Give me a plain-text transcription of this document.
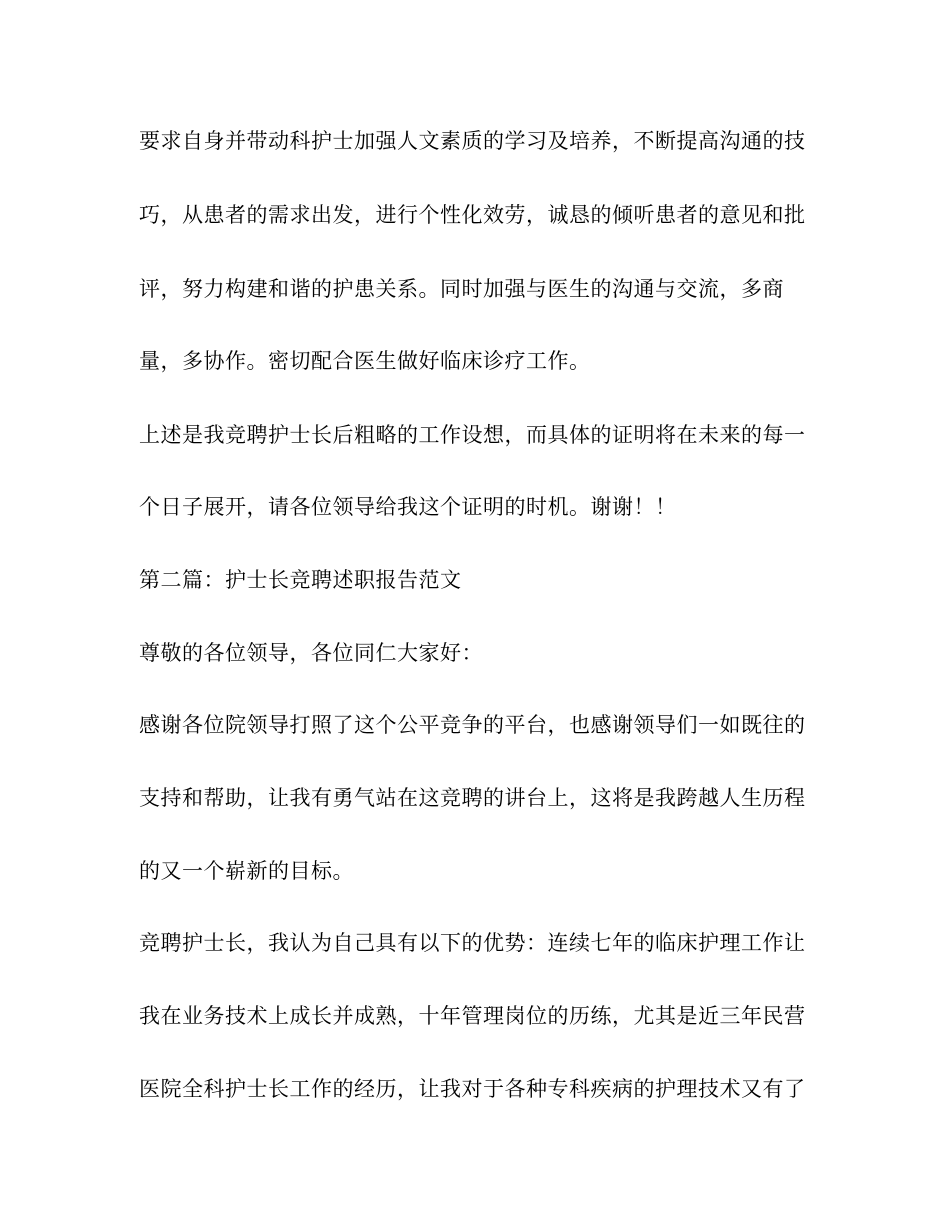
要求自身并带动科护士加强人文素质的学习及培养，不断提高沟通的技
巧，从患者的需求出发，进行个性化效劳，诚恳的倾听患者的意见和批
评，努力构建和谐的护患关系。同时加强与医生的沟通与交流，多商
量，多协作。密切配合医生做好临床诊疗工作。
上述是我竞聘护士长后粗略的工作设想，而具体的证明将在未来的每一
个日子展开，请各位领导给我这个证明的时机。谢谢！！
第二篇：护士长竞聘述职报告范文
尊敬的各位领导，各位同仁大家好：
感谢各位院领导打照了这个公平竞争的平台，也感谢领导们一如既往的
支持和帮助，让我有勇气站在这竞聘的讲台上，这将是我跨越人生历程
的又一个崭新的目标。
竞聘护士长，我认为自己具有以下的优势：连续七年的临床护理工作让
我在业务技术上成长并成熟，十年管理岗位的历练，尤其是近三年民营
医院全科护士长工作的经历，让我对于各种专科疾病的护理技术又有了
